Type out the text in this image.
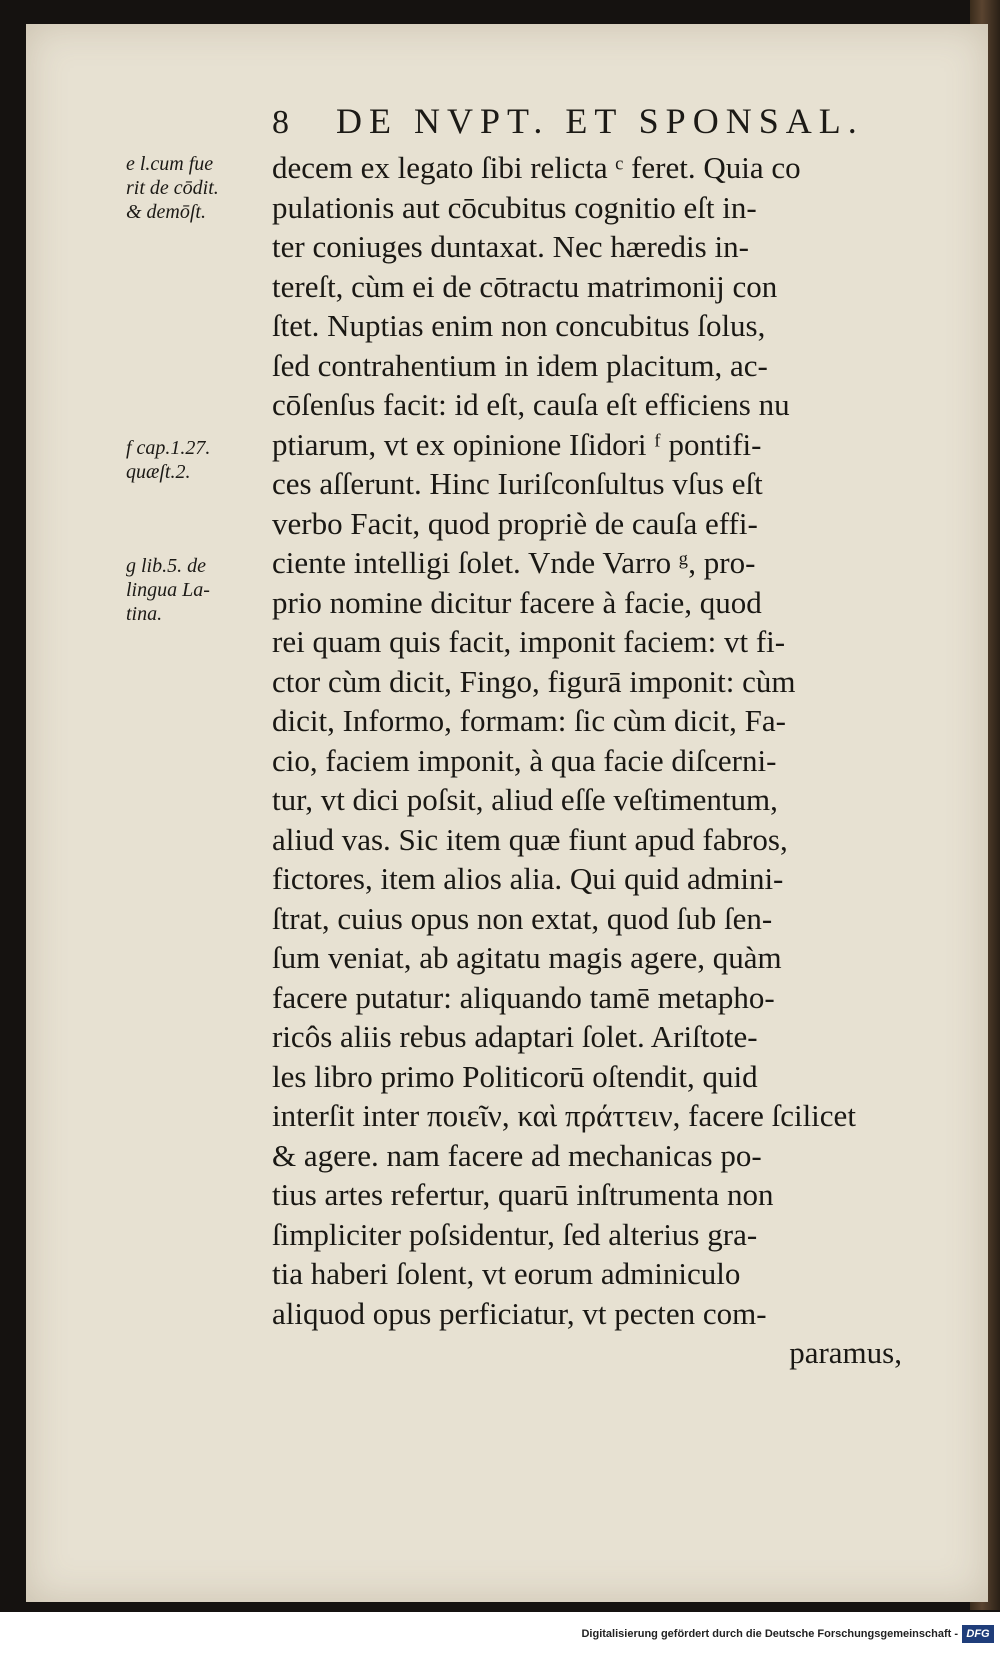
8 DE NVPT. ET SPONSAL.
e l.cum fue
rit de cōdit.
& demōſt.
f cap.1.27.
quæſt.2.
g lib.5. de
lingua La-
tina.
decem ex legato ſibi relicta ᶜ feret. Quia co
pulationis aut cōcubitus cognitio eſt in-
ter coniuges duntaxat. Nec hæredis in-
tereſt, cùm ei de cōtractu matrimonij con
ſtet. Nuptias enim non concubitus ſolus,
ſed contrahentium in idem placitum, ac-
cōſenſus facit: id eſt, cauſa eſt efficiens nu
ptiarum, vt ex opinione Iſidori ᶠ pontifi-
ces aſſerunt. Hinc Iuriſconſultus vſus eſt
verbo Facit, quod propriè de cauſa effi-
ciente intelligi ſolet. Vnde Varro ᵍ, pro-
prio nomine dicitur facere à facie, quod
rei quam quis facit, imponit faciem: vt fi-
ctor cùm dicit, Fingo, figurā imponit: cùm
dicit, Informo, formam: ſic cùm dicit, Fa-
cio, faciem imponit, à qua facie diſcerni-
tur, vt dici poſsit, aliud eſſe veſtimentum,
aliud vas. Sic item quæ fiunt apud fabros,
fictores, item alios alia. Qui quid admini-
ſtrat, cuius opus non extat, quod ſub ſen-
ſum veniat, ab agitatu magis agere, quàm
facere putatur: aliquando tamē metapho-
ricôs aliis rebus adaptari ſolet. Ariſtote-
les libro primo Politicorū oſtendit, quid
interſit inter ποιεῖν, καὶ πράττειν, facere ſcilicet
& agere. nam facere ad mechanicas po-
tius artes refertur, quarū inſtrumenta non
ſimpliciter poſsidentur, ſed alterius gra-
tia haberi ſolent, vt eorum adminiculo
aliquod opus perficiatur, vt pecten com-
paramus,
Digitalisierung gefördert durch die Deutsche Forschungsgemeinschaft - DFG
